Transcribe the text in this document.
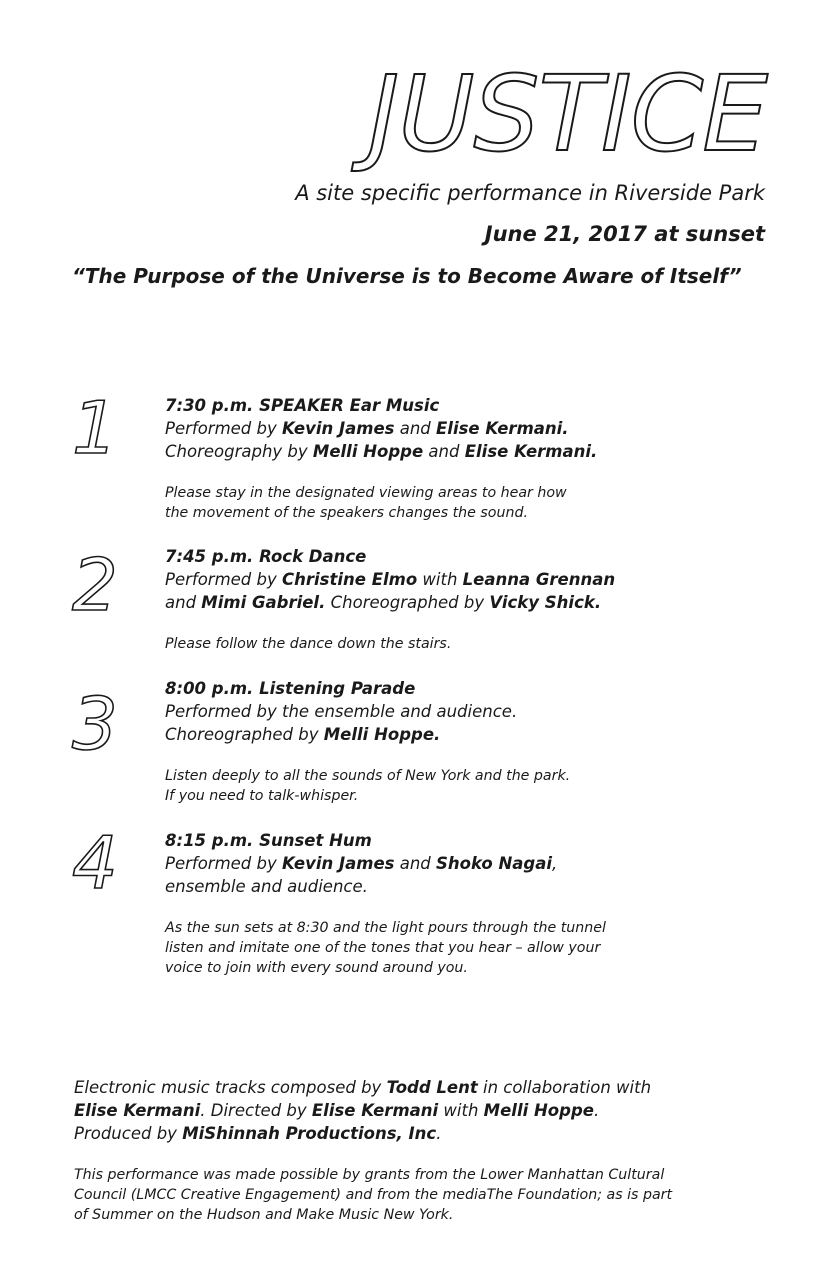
JUSTICE

A site specific performance in Riverside Park

June 21, 2017 at sunset

“The Purpose of the Universe is to Become Aware of Itself”

1	7:30 p.m. SPEAKER Ear Music
Performed by Kevin James and Elise Kermani.
Choreography by Melli Hoppe and Elise Kermani.
Please stay in the designated viewing areas to hear how
the movement of the speakers changes the sound.
2	7:45 p.m. Rock Dance
Performed by Christine Elmo with Leanna Grennan
and Mimi Gabriel. Choreographed by Vicky Shick.
Please follow the dance down the stairs.
3	8:00 p.m. Listening Parade
Performed by the ensemble and audience.
Choreographed by Melli Hoppe.
Listen deeply to all the sounds of New York and the park.
If you need to talk-whisper.
4	8:15 p.m. Sunset Hum
Performed by Kevin James and Shoko Nagai,
ensemble and audience.
As the sun sets at 8:30 and the light pours through the tunnel
listen and imitate one of the tones that you hear – allow your
voice to join with every sound around you.
Electronic music tracks composed by Todd Lent in collaboration with
Elise Kermani. Directed by Elise Kermani with Melli Hoppe.
Produced by MiShinnah Productions, Inc.
This performance was made possible by grants from the Lower Manhattan Cultural
Council (LMCC Creative Engagement) and from the mediaThe Foundation; as is part
of Summer on the Hudson and Make Music New York.
